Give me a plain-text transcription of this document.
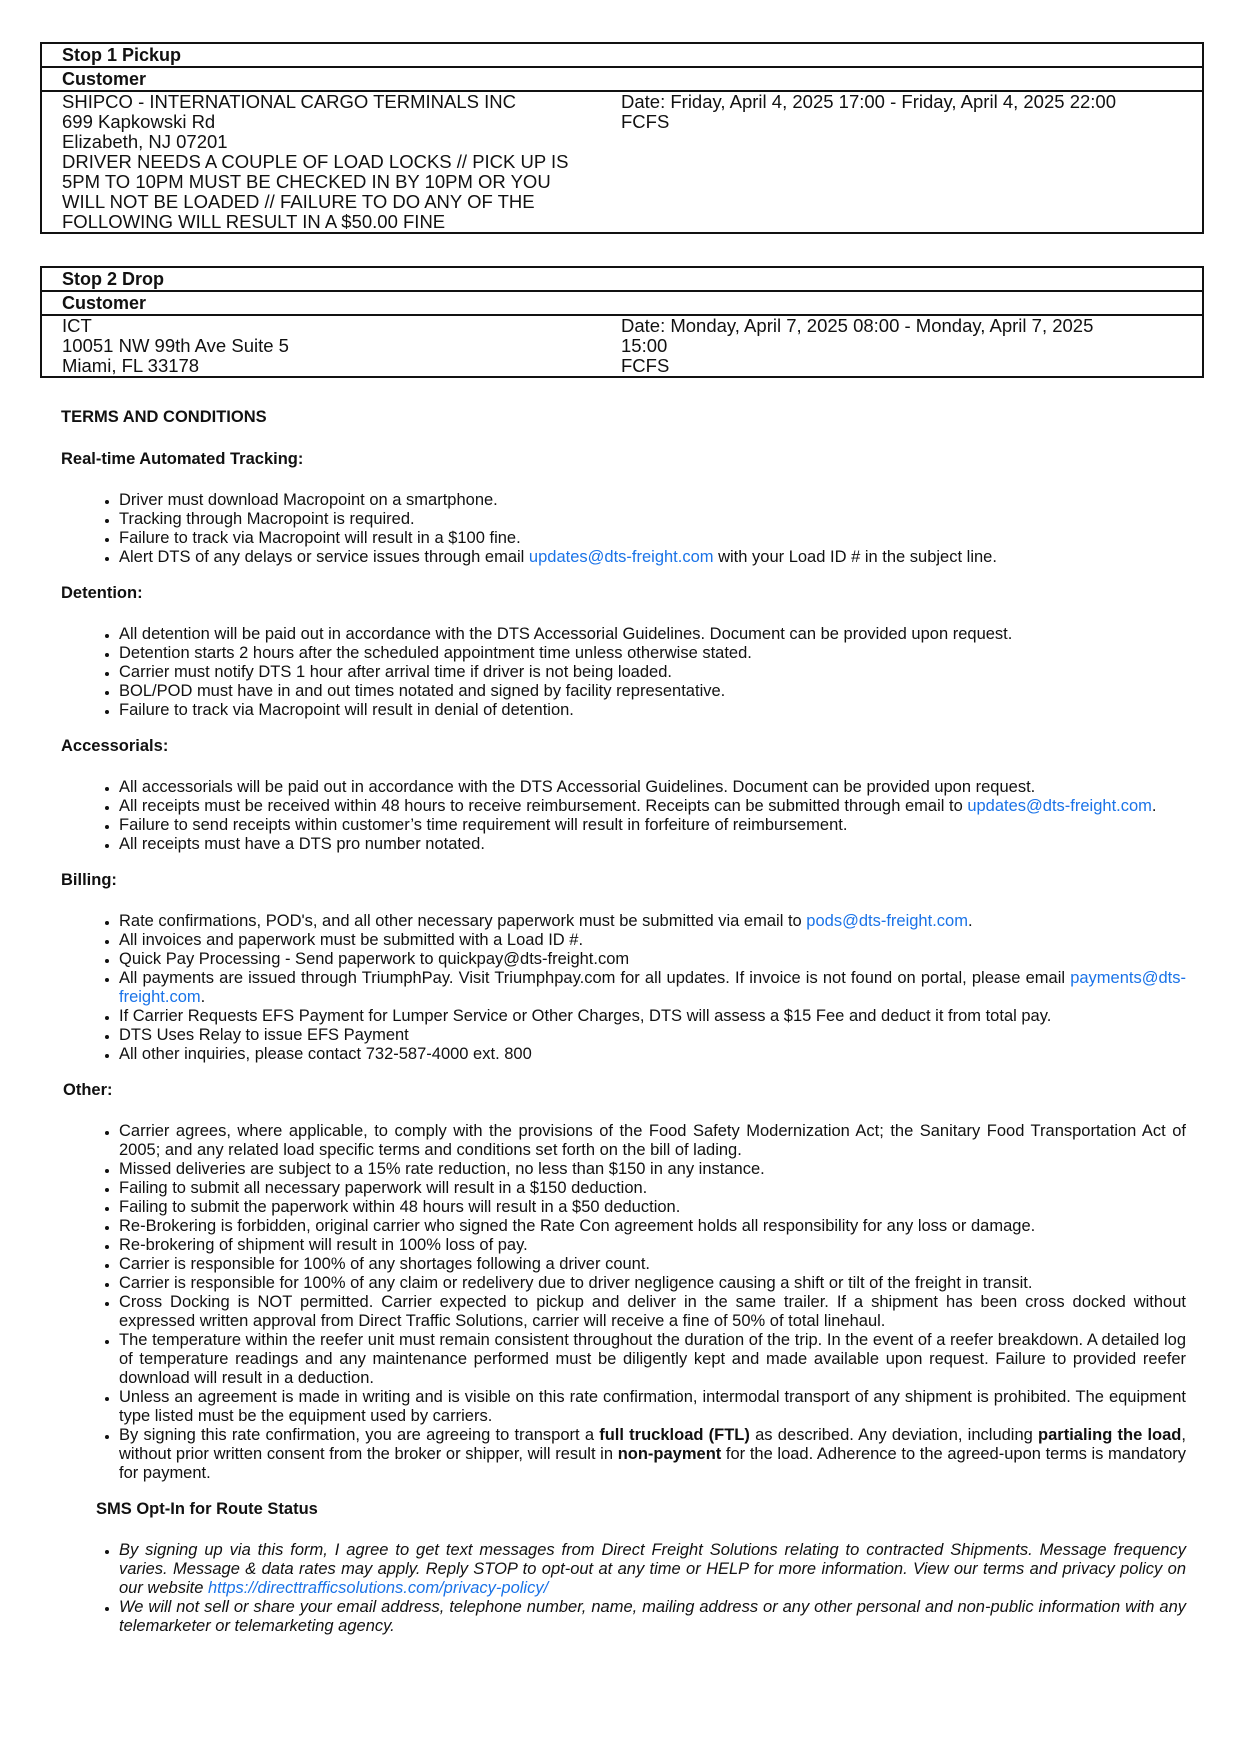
Stop 1 Pickup
Customer

SHIPCO - INTERNATIONAL CARGO TERMINALS INC
699 Kapkowski Rd
Elizabeth, NJ 07201
DRIVER NEEDS A COUPLE OF LOAD LOCKS // PICK UP IS
5PM TO 10PM MUST BE CHECKED IN BY 10PM OR YOU
WILL NOT BE LOADED // FAILURE TO DO ANY OF THE
FOLLOWING WILL RESULT IN A $50.00 FINE

Date: Friday, April 4, 2025 17:00 - Friday, April 4, 2025 22:00
FCFS
Stop 2 Drop
Customer

ICT
10051 NW 99th Ave Suite 5
Miami, FL 33178

Date: Monday, April 7, 2025 08:00 - Monday, April 7, 2025
15:00
FCFS
TERMS AND CONDITIONS
Real-time Automated Tracking:
• Driver must download Macropoint on a smartphone.
• Tracking through Macropoint is required.
• Failure to track via Macropoint will result in a $100 fine.
• Alert DTS of any delays or service issues through email updates@dts-freight.com with your Load ID # in the subject line.
Detention:
• All detention will be paid out in accordance with the DTS Accessorial Guidelines. Document can be provided upon request.
• Detention starts 2 hours after the scheduled appointment time unless otherwise stated.
• Carrier must notify DTS 1 hour after arrival time if driver is not being loaded.
• BOL/POD must have in and out times notated and signed by facility representative.
• Failure to track via Macropoint will result in denial of detention.
Accessorials:
• All accessorials will be paid out in accordance with the DTS Accessorial Guidelines. Document can be provided upon request.
• All receipts must be received within 48 hours to receive reimbursement. Receipts can be submitted through email to updates@dts-freight.com.
• Failure to send receipts within customer’s time requirement will result in forfeiture of reimbursement.
• All receipts must have a DTS pro number notated.
Billing:
• Rate confirmations, POD's, and all other necessary paperwork must be submitted via email to pods@dts-freight.com.
• All invoices and paperwork must be submitted with a Load ID #.
• Quick Pay Processing - Send paperwork to quickpay@dts-freight.com
• All payments are issued through TriumphPay. Visit Triumphpay.com for all updates. If invoice is not found on portal, please email payments@dts-freight.com.
• If Carrier Requests EFS Payment for Lumper Service or Other Charges, DTS will assess a $15 Fee and deduct it from total pay.
• DTS Uses Relay to issue EFS Payment
• All other inquiries, please contact 732-587-4000 ext. 800
Other:
• Carrier agrees, where applicable, to comply with the provisions of the Food Safety Modernization Act; the Sanitary Food Transportation Act of 2005; and any related load specific terms and conditions set forth on the bill of lading.
• Missed deliveries are subject to a 15% rate reduction, no less than $150 in any instance.
• Failing to submit all necessary paperwork will result in a $150 deduction.
• Failing to submit the paperwork within 48 hours will result in a $50 deduction.
• Re-Brokering is forbidden, original carrier who signed the Rate Con agreement holds all responsibility for any loss or damage.
• Re-brokering of shipment will result in 100% loss of pay.
• Carrier is responsible for 100% of any shortages following a driver count.
• Carrier is responsible for 100% of any claim or redelivery due to driver negligence causing a shift or tilt of the freight in transit.
• Cross Docking is NOT permitted. Carrier expected to pickup and deliver in the same trailer. If a shipment has been cross docked without expressed written approval from Direct Traffic Solutions, carrier will receive a fine of 50% of total linehaul.
• The temperature within the reefer unit must remain consistent throughout the duration of the trip. In the event of a reefer breakdown. A detailed log of temperature readings and any maintenance performed must be diligently kept and made available upon request. Failure to provided reefer download will result in a deduction.
• Unless an agreement is made in writing and is visible on this rate confirmation, intermodal transport of any shipment is prohibited. The equipment type listed must be the equipment used by carriers.
• By signing this rate confirmation, you are agreeing to transport a full truckload (FTL) as described. Any deviation, including partialing the load, without prior written consent from the broker or shipper, will result in non-payment for the load. Adherence to the agreed-upon terms is mandatory for payment.
SMS Opt-In for Route Status
• By signing up via this form, I agree to get text messages from Direct Freight Solutions relating to contracted Shipments. Message frequency varies. Message & data rates may apply. Reply STOP to opt-out at any time or HELP for more information. View our terms and privacy policy on our website https://directtrafficsolutions.com/privacy-policy/
• We will not sell or share your email address, telephone number, name, mailing address or any other personal and non-public information with any telemarketer or telemarketing agency.
